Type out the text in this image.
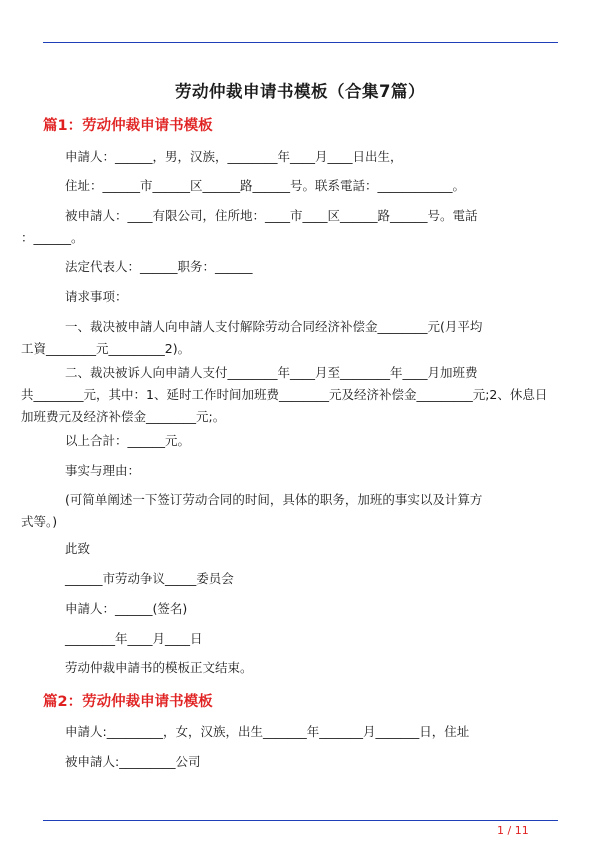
劳动仲裁申请书模板（合集7篇）
篇1：劳动仲裁申请书模板

申請人：______，男，汉族，________年____月____日出生，

住址：______市______区______路______号。联系電話：____________。

被申請人：____有限公司，住所地：____市____区______路______号。電話
：______。

法定代表人：______职务：______

请求事项：

一、裁决被申請人向申請人支付解除劳动合同经济补偿金________元(月平均
工資________元_________2)。

二、裁决被诉人向申請人支付________年____月至________年____月加班费
共________元，其中：1、延时工作时间加班费________元及经济补偿金_________元;2、休息日
加班费元及经济补偿金________元;。

以上合計：______元。

事实与理由：

(可简单阐述一下签订劳动合同的时间，具体的职务，加班的事实以及计算方
式等。)

此致

______市劳动争议_____委员会

申請人：______(签名)

________年____月____日

劳动仲裁申請书的模板正文结束。

篇2：劳动仲裁申请书模板

申請人:_________，女，汉族，出生_______年_______月_______日，住址

被申請人:_________公司

1 / 11
